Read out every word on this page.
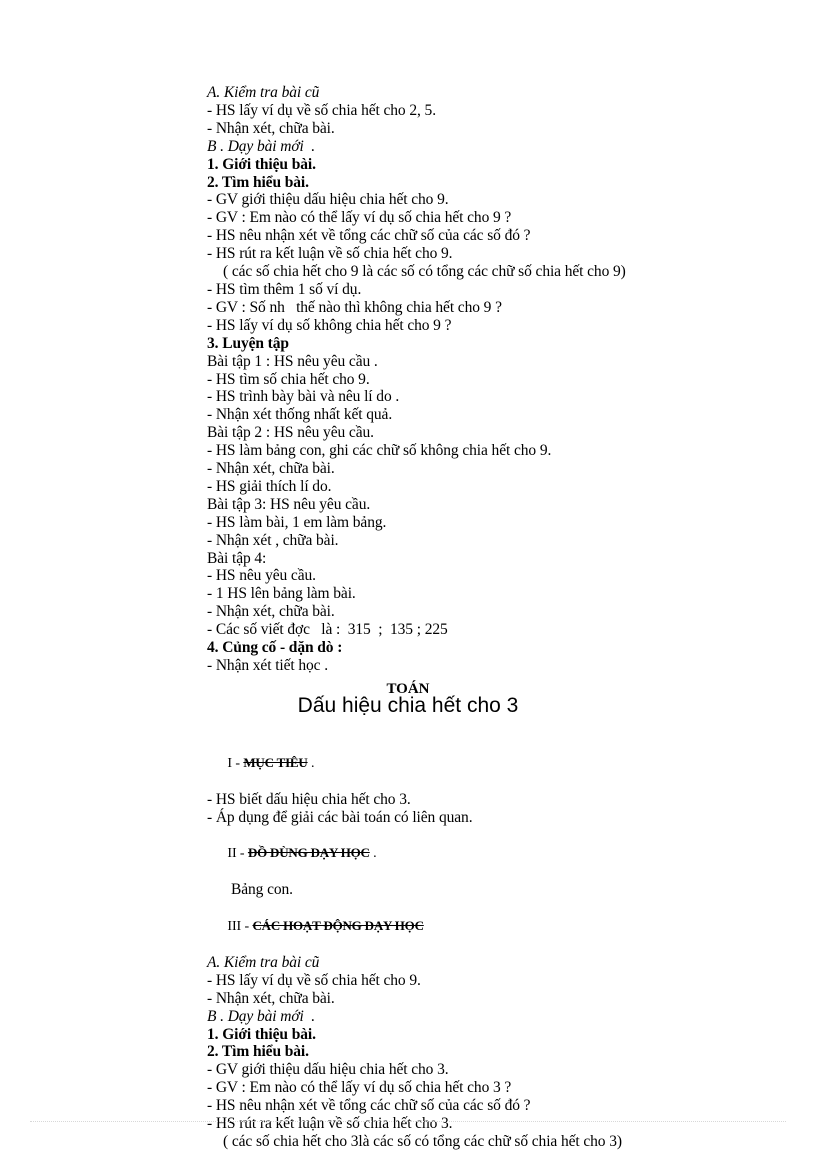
A. Kiểm tra bài cũ
- HS lấy ví dụ về số chia hết cho 2, 5.
- Nhận xét, chữa bài.
B . Dạy bài mới  .
1. Giới thiệu bài.
2. Tìm hiểu bài.
- GV giới thiệu dấu hiệu chia hết cho 9.
- GV : Em nào có thể lấy ví dụ số chia hết cho 9 ?
- HS nêu nhận xét về tổng các chữ số của các số đó ?
- HS rút ra kết luận về số chia hết cho 9.
( các số chia hết cho 9 là các số có tổng các chữ số chia hết cho 9)
- HS tìm thêm 1 số ví dụ.
- GV : Số nh   thế nào thì không chia hết cho 9 ?
- HS lấy ví dụ số không chia hết cho 9 ?
3. Luyện tập
Bài tập 1 : HS nêu yêu cầu .
- HS tìm số chia hết cho 9.
- HS trình bày bài và nêu lí do .
- Nhận xét thống nhất kết quả.
Bài tập 2 : HS nêu yêu cầu.
- HS làm bảng con, ghi các chữ số không chia hết cho 9.
- Nhận xét, chữa bài.
- HS giải thích lí do.
Bài tập 3: HS nêu yêu cầu.
- HS làm bài, 1 em làm bảng.
- Nhận xét , chữa bài.
Bài tập 4:
- HS nêu yêu cầu.
- 1 HS lên bảng làm bài.
- Nhận xét, chữa bài.
- Các số viết đợc   là :  315  ;  135 ; 225
4. Củng cố - dặn dò :
- Nhận xét tiết học .
TOÁN
Dấu hiệu chia hết cho 3

I - MỤC TIÊU .

- HS biết dấu hiệu chia hết cho 3.
- Áp dụng để giải các bài toán có liên quan.

II - ĐỒ DÙNG DẠY HỌC .

Bảng con.

III - CÁC HOẠT ĐỘNG DẠY HỌC

A. Kiểm tra bài cũ
- HS lấy ví dụ về số chia hết cho 9.
- Nhận xét, chữa bài.
B . Dạy bài mới  .
1. Giới thiệu bài.
2. Tìm hiểu bài.
- GV giới thiệu dấu hiệu chia hết cho 3.
- GV : Em nào có thể lấy ví dụ số chia hết cho 3 ?
- HS nêu nhận xét về tổng các chữ số của các số đó ?
- HS rút ra kết luận về số chia hết cho 3.
( các số chia hết cho 3là các số có tổng các chữ số chia hết cho 3)
